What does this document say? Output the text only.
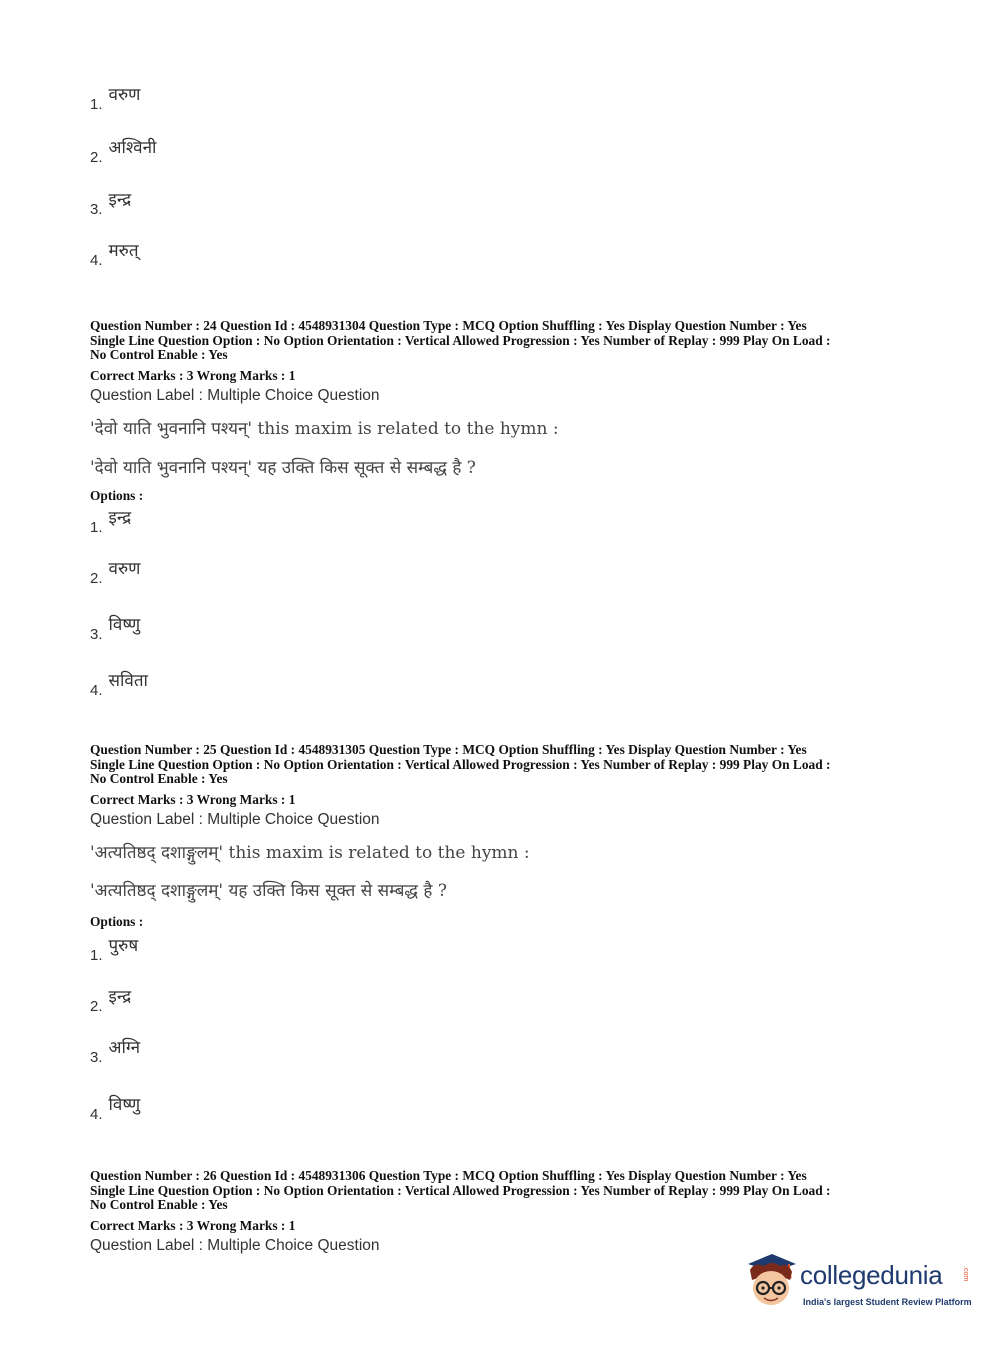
1. वरुण
2. अश्विनी
3. इन्द्र
4. मरुत्
Question Number : 24 Question Id : 4548931304 Question Type : MCQ Option Shuffling : Yes Display Question Number : Yes
Single Line Question Option : No Option Orientation : Vertical Allowed Progression : Yes Number of Replay : 999 Play On Load :
No Control Enable : Yes
Correct Marks : 3 Wrong Marks : 1
Question Label : Multiple Choice Question
'देवो याति भुवनानि पश्यन्' this maxim is related to the hymn :
'देवो याति भुवनानि पश्यन्' यह उक्ति किस सूक्त से सम्बद्ध है ?
Options :
1. इन्द्र
2. वरुण
3. विष्णु
4. सविता
Question Number : 25 Question Id : 4548931305 Question Type : MCQ Option Shuffling : Yes Display Question Number : Yes
Single Line Question Option : No Option Orientation : Vertical Allowed Progression : Yes Number of Replay : 999 Play On Load :
No Control Enable : Yes
Correct Marks : 3 Wrong Marks : 1
Question Label : Multiple Choice Question
'अत्यतिष्ठद् दशाङ्गुलम्' this maxim is related to the hymn :
'अत्यतिष्ठद् दशाङ्गुलम्' यह उक्ति किस सूक्त से सम्बद्ध है ?
Options :
1. पुरुष
2. इन्द्र
3. अग्नि
4. विष्णु
Question Number : 26 Question Id : 4548931306 Question Type : MCQ Option Shuffling : Yes Display Question Number : Yes
Single Line Question Option : No Option Orientation : Vertical Allowed Progression : Yes Number of Replay : 999 Play On Load :
No Control Enable : Yes
Correct Marks : 3 Wrong Marks : 1
Question Label : Multiple Choice Question
collegedunia	.com
India's largest Student Review Platform
